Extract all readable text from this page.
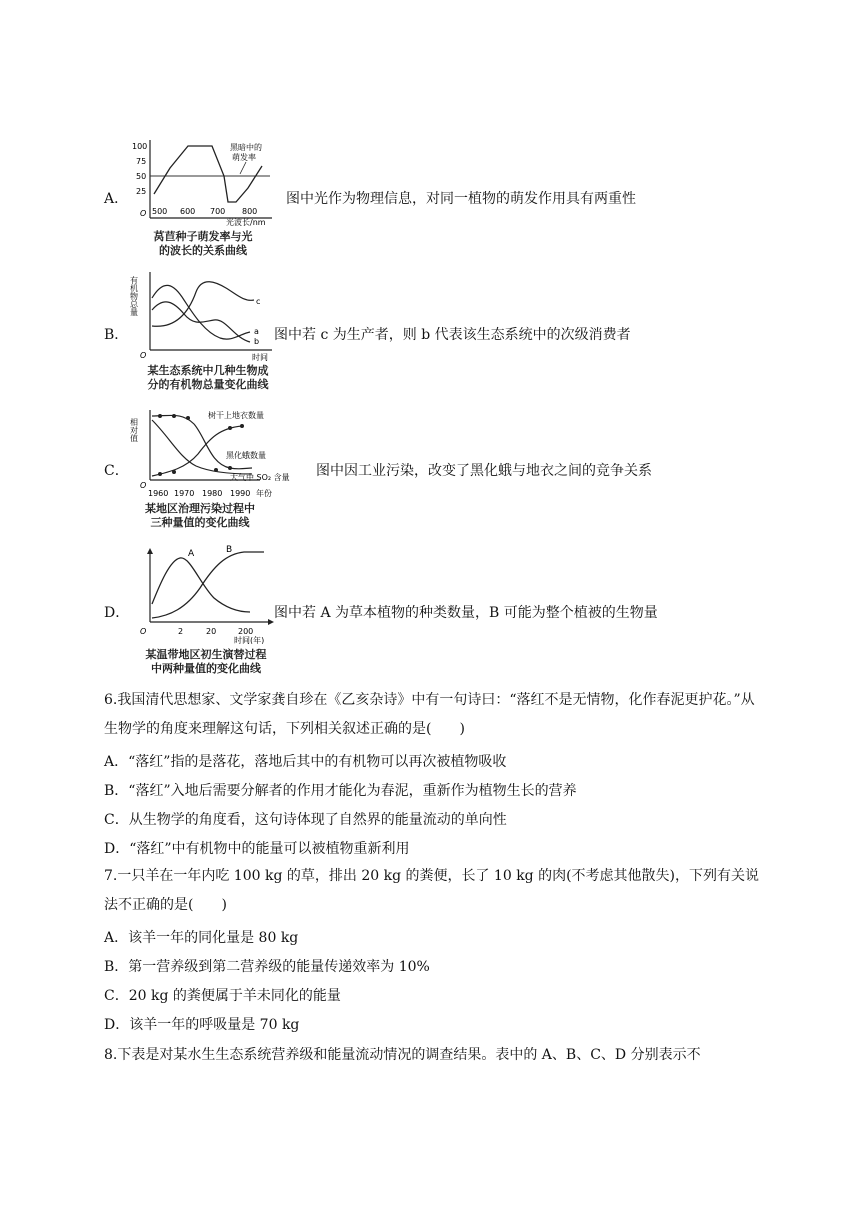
A．
100
75
50
25
O 500 600 700 800
光波长/nm
黑暗中的
萌发率
莴苣种子萌发率与光
的波长的关系曲线
图中光作为物理信息，对同一植物的萌发作用具有两重性
B．
有机物总量
O	时间
a
b
c
某生态系统中几种生物成
分的有机物总量变化曲线
图中若 c 为生产者，则 b 代表该生态系统中的次级消费者
C．
相对值
O
1960 1970 1980 1990 年份
树干上地衣数量
黑化蛾数量
大气中 SO₂ 含量
某地区治理污染过程中
三种量值的变化曲线
图中因工业污染，改变了黑化蛾与地衣之间的竞争关系
D．
O	2	20	200
时间(年)
A	B
某温带地区初生演替过程
中两种量值的变化曲线
图中若 A 为草本植物的种类数量，B 可能为整个植被的生物量
6.我国清代思想家、文学家龚自珍在《乙亥杂诗》中有一句诗曰：“落红不是无情物，化作春泥更护花。”从生物学的角度来理解这句话，下列相关叙述正确的是(　　)
A．“落红”指的是落花，落地后其中的有机物可以再次被植物吸收
B．“落红”入地后需要分解者的作用才能化为春泥，重新作为植物生长的营养
C．从生物学的角度看，这句诗体现了自然界的能量流动的单向性
D．“落红”中有机物中的能量可以被植物重新利用
7.一只羊在一年内吃 100 kg 的草，排出 20 kg 的粪便，长了 10 kg 的肉(不考虑其他散失)，下列有关说法不正确的是(　　)
A．该羊一年的同化量是 80 kg
B．第一营养级到第二营养级的能量传递效率为 10%
C．20 kg 的粪便属于羊未同化的能量
D．该羊一年的呼吸量是 70 kg
8.下表是对某水生生态系统营养级和能量流动情况的调查结果。表中的 A、B、C、D 分别表示不
